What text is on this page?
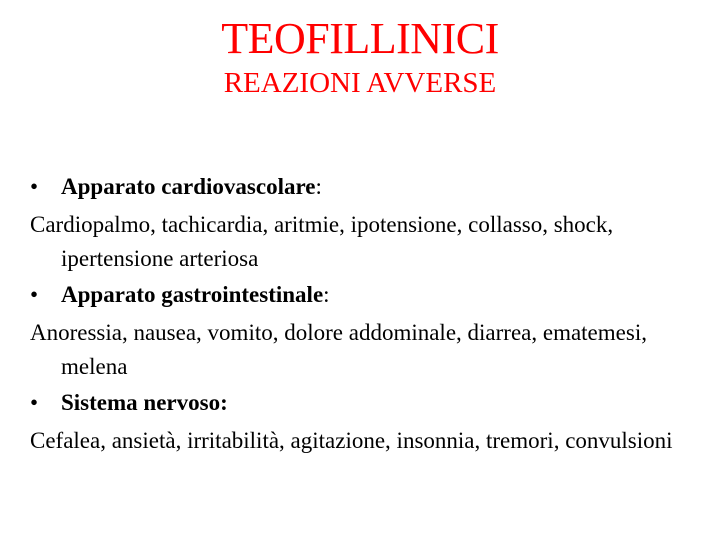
TEOFILLINICI
REAZIONI AVVERSE
• Apparato cardiovascolare:
Cardiopalmo, tachicardia, aritmie, ipotensione, collasso, shock, ipertensione arteriosa
• Apparato gastrointestinale:
Anoressia, nausea, vomito, dolore addominale, diarrea, ematemesi, melena
• Sistema nervoso:
Cefalea, ansietà, irritabilità, agitazione, insonnia, tremori, convulsioni
